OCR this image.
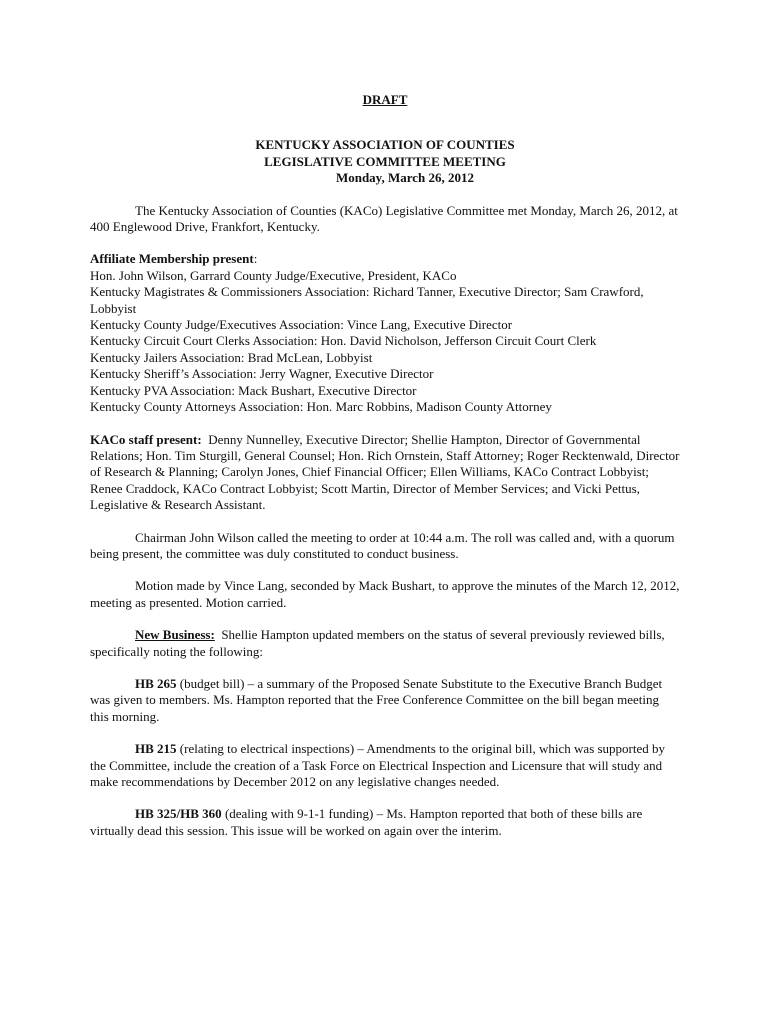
DRAFT
KENTUCKY ASSOCIATION OF COUNTIES
LEGISLATIVE COMMITTEE MEETING
Monday, March 26, 2012

The Kentucky Association of Counties (KACo) Legislative Committee met Monday, March 26, 2012, at 400 Englewood Drive, Frankfort, Kentucky.

Affiliate Membership present:
Hon. John Wilson, Garrard County Judge/Executive, President, KACo
Kentucky Magistrates & Commissioners Association: Richard Tanner, Executive Director; Sam Crawford, Lobbyist
Kentucky County Judge/Executives Association: Vince Lang, Executive Director
Kentucky Circuit Court Clerks Association: Hon. David Nicholson, Jefferson Circuit Court Clerk
Kentucky Jailers Association: Brad McLean, Lobbyist
Kentucky Sheriff’s Association: Jerry Wagner, Executive Director
Kentucky PVA Association: Mack Bushart, Executive Director
Kentucky County Attorneys Association: Hon. Marc Robbins, Madison County Attorney

KACo staff present: Denny Nunnelley, Executive Director; Shellie Hampton, Director of Governmental Relations; Hon. Tim Sturgill, General Counsel; Hon. Rich Ornstein, Staff Attorney; Roger Recktenwald, Director of Research & Planning; Carolyn Jones, Chief Financial Officer; Ellen Williams, KACo Contract Lobbyist; Renee Craddock, KACo Contract Lobbyist; Scott Martin, Director of Member Services; and Vicki Pettus, Legislative & Research Assistant.

Chairman John Wilson called the meeting to order at 10:44 a.m. The roll was called and, with a quorum being present, the committee was duly constituted to conduct business.

Motion made by Vince Lang, seconded by Mack Bushart, to approve the minutes of the March 12, 2012, meeting as presented. Motion carried.

New Business: Shellie Hampton updated members on the status of several previously reviewed bills, specifically noting the following:

HB 265 (budget bill) – a summary of the Proposed Senate Substitute to the Executive Branch Budget was given to members. Ms. Hampton reported that the Free Conference Committee on the bill began meeting this morning.

HB 215 (relating to electrical inspections) – Amendments to the original bill, which was supported by the Committee, include the creation of a Task Force on Electrical Inspection and Licensure that will study and make recommendations by December 2012 on any legislative changes needed.

HB 325/HB 360 (dealing with 9-1-1 funding) – Ms. Hampton reported that both of these bills are virtually dead this session. This issue will be worked on again over the interim.
